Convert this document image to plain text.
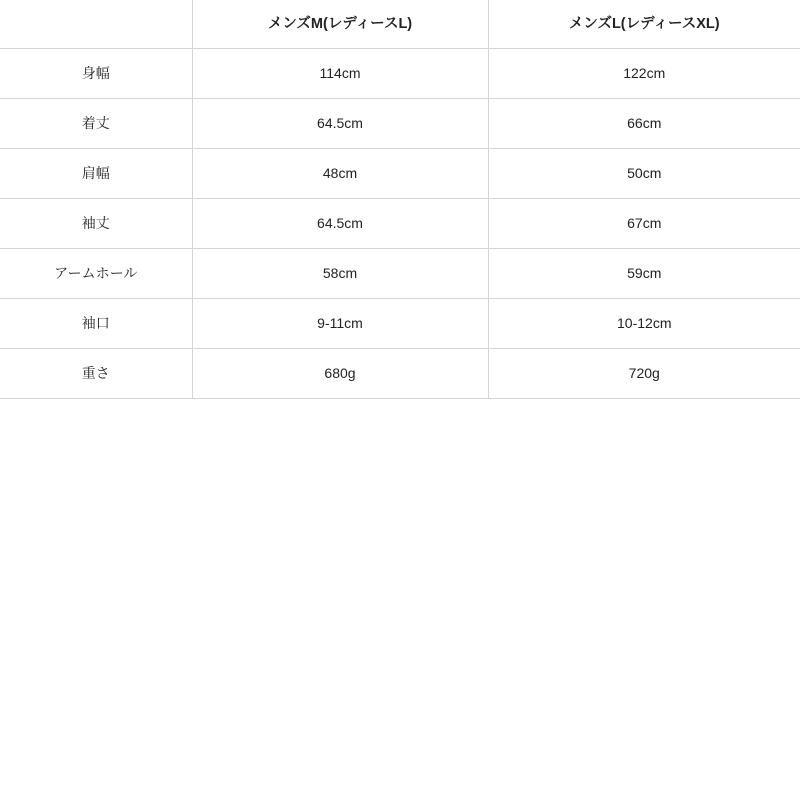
	メンズM(レディースL)	メンズL(レディースXL)
身幅	114cm	122cm
着丈	64.5cm	66cm
肩幅	48cm	50cm
袖丈	64.5cm	67cm
アームホール	58cm	59cm
袖口	9-11cm	10-12cm
重さ	680g	720g
